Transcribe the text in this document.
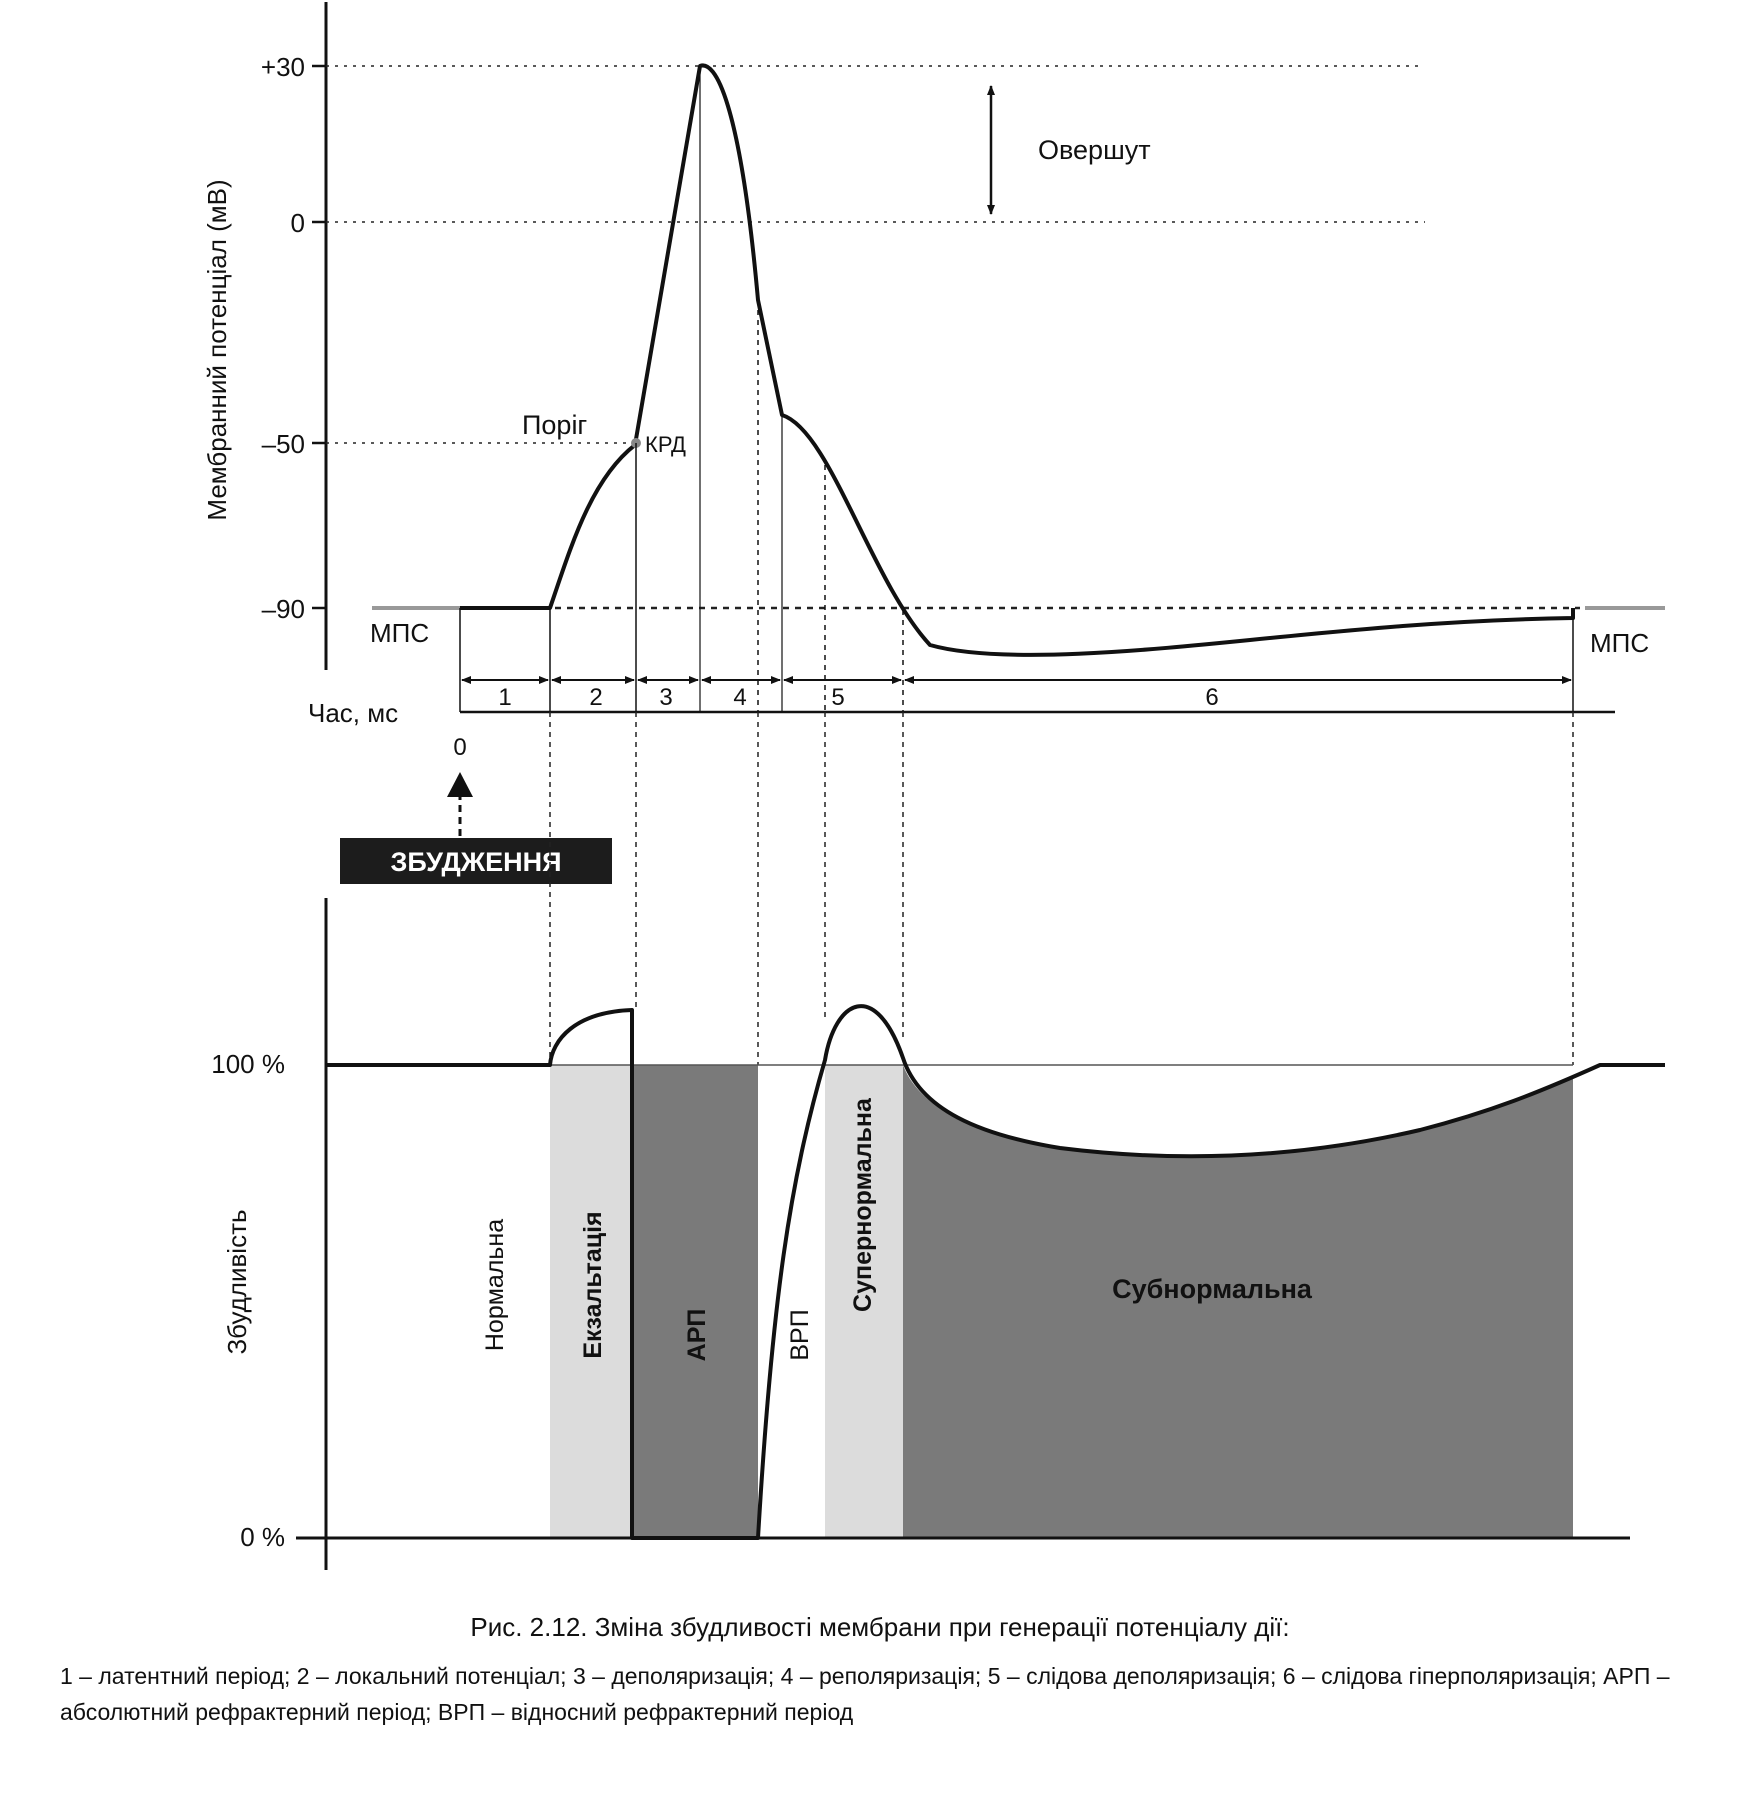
+30
0
–50
–90
Мембранний потенціал (мВ)
Овершут
Поріг
КРД
МПС	МПС
Час, мс
0
1	2 3	4	5	6
ЗБУДЖЕННЯ
100 %
0 %
Збудливість	Нормальна	Екзальтація	АРП	ВРП
Супернормальна	Субнормальна
Рис. 2.12. Зміна збудливості мембрани при генерації потенціалу дії:
1 – латентний період; 2 – локальний потенціал; 3 – деполяризація; 4 – реполяризація; 5 – слідова деполяризація; 6 – слідова гіперполяризація; АРП – абсолютний рефрактерний період; ВРП – відносний рефрактерний період
